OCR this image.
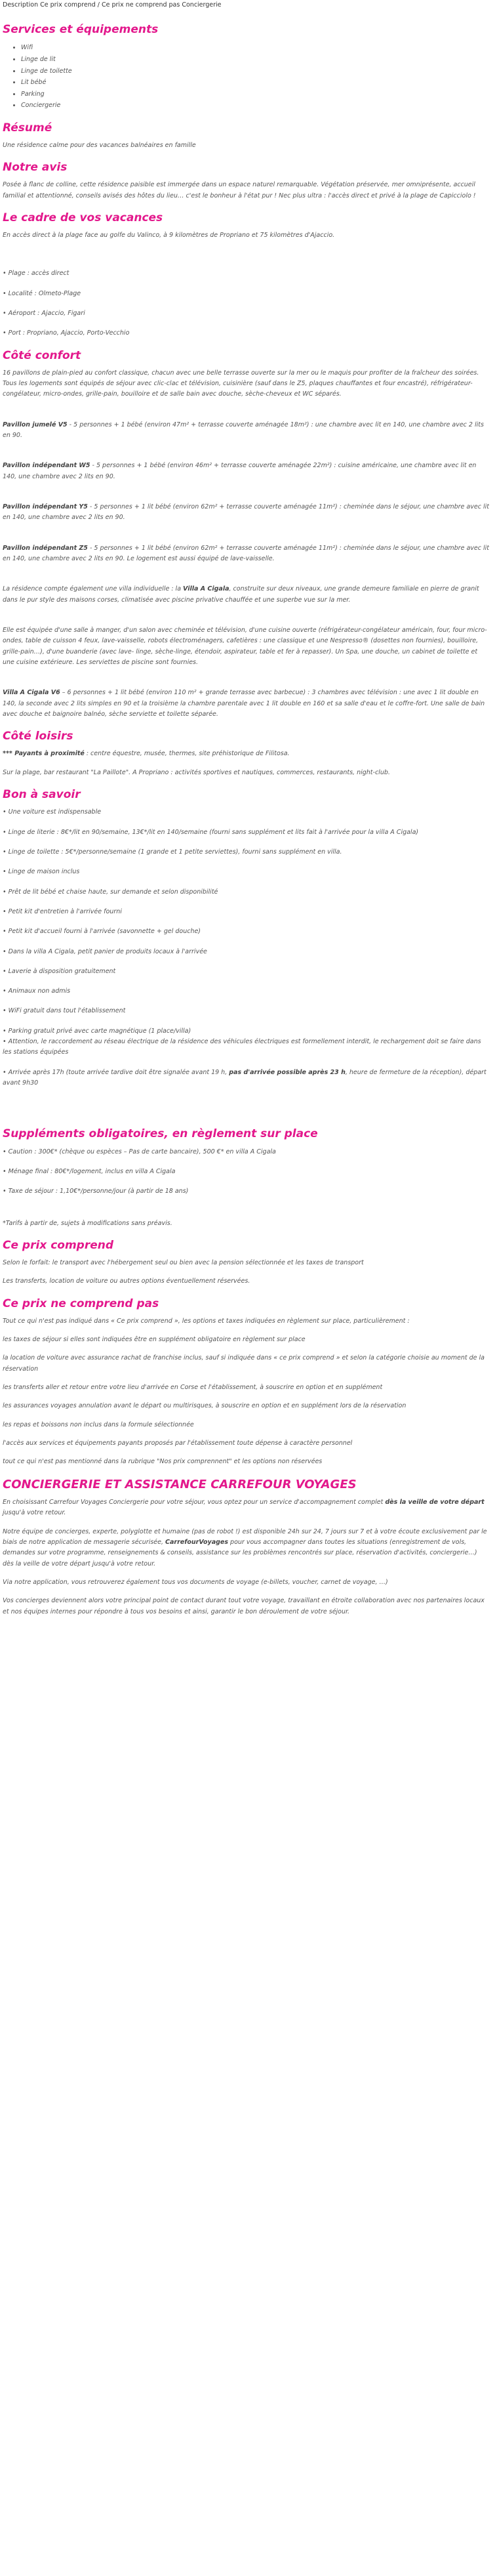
Description Ce prix comprend / Ce prix ne comprend pas Conciergerie
Services et équipements
• Wifi
• Linge de lit
• Linge de toilette
• Lit bébé
• Parking
• Conciergerie
Résumé

Une résidence calme pour des vacances balnéaires en famille

Notre avis

Posée à flanc de colline, cette résidence paisible est immergée dans un espace naturel remarquable. Végétation préservée, mer omniprésente, accueil familial et attentionné, conseils avisés des hôtes du lieu… c'est le bonheur à l'état pur ! Nec plus ultra : l'accès direct et privé à la plage de Capicciolo !

Le cadre de vos vacances

En accès direct à la plage face au golfe du Valinco, à 9 kilomètres de Propriano et 75 kilomètres d'Ajaccio.

• Plage : accès direct

• Localité : Olmeto-Plage

• Aéroport : Ajaccio, Figari

• Port : Propriano, Ajaccio, Porto-Vecchio

Côté confort

16 pavillons de plain-pied au confort classique, chacun avec une belle terrasse ouverte sur la mer ou le maquis pour profiter de la fraîcheur des soirées. Tous les logements sont équipés de séjour avec clic-clac et télévision, cuisinière (sauf dans le Z5, plaques chauffantes et four encastré), réfrigérateur-congélateur, micro-ondes, grille-pain, bouilloire et de salle bain avec douche, sèche-cheveux et WC séparés.

Pavillon jumelé V5 - 5 personnes + 1 bébé (environ 47m² + terrasse couverte aménagée 18m²) : une chambre avec lit en 140, une chambre avec 2 lits en 90.

Pavillon indépendant W5 - 5 personnes + 1 bébé (environ 46m² + terrasse couverte aménagée 22m²) : cuisine américaine, une chambre avec lit en 140, une chambre avec 2 lits en 90.

Pavillon indépendant Y5 - 5 personnes + 1 lit bébé (environ 62m² + terrasse couverte aménagée 11m²) : cheminée dans le séjour, une chambre avec lit en 140, une chambre avec 2 lits en 90.

Pavillon indépendant Z5 - 5 personnes + 1 lit bébé (environ 62m² + terrasse couverte aménagée 11m²) : cheminée dans le séjour, une chambre avec lit en 140, une chambre avec 2 lits en 90. Le logement est aussi équipé de lave-vaisselle.

La résidence compte également une villa individuelle : la Villa A Cigala, construite sur deux niveaux, une grande demeure familiale en pierre de granit dans le pur style des maisons corses, climatisée avec piscine privative chauffée et une superbe vue sur la mer.

Elle est équipée d'une salle à manger, d'un salon avec cheminée et télévision, d'une cuisine ouverte (réfrigérateur-congélateur américain, four, four micro-ondes, table de cuisson 4 feux, lave-vaisselle, robots électroménagers, cafetières : une classique et une Nespresso® (dosettes non fournies), bouilloire, grille-pain…), d'une buanderie (avec lave- linge, sèche-linge, étendoir, aspirateur, table et fer à repasser). Un Spa, une douche, un cabinet de toilette et une cuisine extérieure. Les serviettes de piscine sont fournies.

Villa A Cigala V6 – 6 personnes + 1 lit bébé (environ 110 m² + grande terrasse avec barbecue) : 3 chambres avec télévision : une avec 1 lit double en 140, la seconde avec 2 lits simples en 90 et la troisième la chambre parentale avec 1 lit double en 160 et sa salle d'eau et le coffre-fort. Une salle de bain avec douche et baignoire balnéo, sèche serviette et toilette séparée.

Côté loisirs

*** Payants à proximité : centre équestre, musée, thermes, site préhistorique de Filitosa.

Sur la plage, bar restaurant "La Paillote". A Propriano : activités sportives et nautiques, commerces, restaurants, night-club.

Bon à savoir

• Une voiture est indispensable

• Linge de literie : 8€*/lit en 90/semaine, 13€*/lit en 140/semaine (fourni sans supplément et lits fait à l'arrivée pour la villa A Cigala)

• Linge de toilette : 5€*/personne/semaine (1 grande et 1 petite serviettes), fourni sans supplément en villa.

• Linge de maison inclus

• Prêt de lit bébé et chaise haute, sur demande et selon disponibilité

• Petit kit d'entretien à l'arrivée fourni

• Petit kit d'accueil fourni à l'arrivée (savonnette + gel douche)

• Dans la villa A Cigala, petit panier de produits locaux à l'arrivée

• Laverie à disposition gratuitement

• Animaux non admis

• WiFi gratuit dans tout l'établissement

• Parking gratuit privé avec carte magnétique (1 place/villa)

• Attention, le raccordement au réseau électrique de la résidence des véhicules électriques est formellement interdit, le rechargement doit se faire dans les stations équipées

• Arrivée après 17h (toute arrivée tardive doit être signalée avant 19 h, pas d'arrivée possible après 23 h, heure de fermeture de la réception), départ avant 9h30

Suppléments obligatoires, en règlement sur place

• Caution : 300€* (chèque ou espèces – Pas de carte bancaire), 500 €* en villa A Cigala

• Ménage final : 80€*/logement, inclus en villa A Cigala

• Taxe de séjour : 1,10€*/personne/jour (à partir de 18 ans)

*Tarifs à partir de, sujets à modifications sans préavis.

Ce prix comprend

Selon le forfait: le transport avec l'hébergement seul ou bien avec la pension sélectionnée et les taxes de transport

Les transferts, location de voiture ou autres options éventuellement réservées.

Ce prix ne comprend pas

Tout ce qui n'est pas indiqué dans « Ce prix comprend », les options et taxes indiquées en règlement sur place, particulièrement :

les taxes de séjour si elles sont indiquées être en supplément obligatoire en règlement sur place

la location de voiture avec assurance rachat de franchise inclus, sauf si indiquée dans « ce prix comprend » et selon la catégorie choisie au moment de la réservation

les transferts aller et retour entre votre lieu d'arrivée en Corse et l'établissement, à souscrire en option et en supplément

les assurances voyages annulation avant le départ ou multirisques, à souscrire en option et en supplément lors de la réservation

les repas et boissons non inclus dans la formule sélectionnée

l'accès aux services et équipements payants proposés par l'établissement toute dépense à caractère personnel

tout ce qui n'est pas mentionné dans la rubrique "Nos prix comprennent" et les options non réservées

CONCIERGERIE ET ASSISTANCE CARREFOUR VOYAGES

En choisissant Carrefour Voyages Conciergerie pour votre séjour, vous optez pour un service d'accompagnement complet dès la veille de votre départ jusqu'à votre retour.

Notre équipe de concierges, experte, polyglotte et humaine (pas de robot !) est disponible 24h sur 24, 7 jours sur 7 et à votre écoute exclusivement par le biais de notre application de messagerie sécurisée, CarrefourVoyages pour vous accompagner dans toutes les situations (enregistrement de vols, demandes sur votre programme, renseignements & conseils, assistance sur les problèmes rencontrés sur place, réservation d'activités, conciergerie…) dès la veille de votre départ jusqu'à votre retour.

Via notre application, vous retrouverez également tous vos documents de voyage (e-billets, voucher, carnet de voyage, …)

Vos concierges deviennent alors votre principal point de contact durant tout votre voyage, travaillant en étroite collaboration avec nos partenaires locaux et nos équipes internes pour répondre à tous vos besoins et ainsi, garantir le bon déroulement de votre séjour.
